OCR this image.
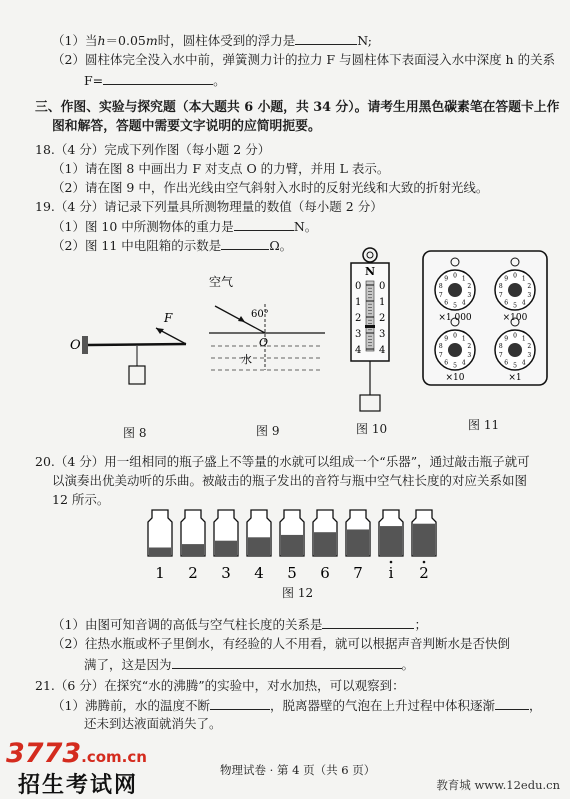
（1）当h＝0.05m时，圆柱体受到的浮力是	N;
（2）圆柱体完全没入水中前，弹簧测力计的拉力 F 与圆柱体下表面浸入水中深度 h 的关系
F=	。
三、作图、实验与探究题（本大题共 6 小题，共 34 分）。请考生用黑色碳素笔在答题卡上作
图和解答，答题中需要文字说明的应简明扼要。
18.（4 分）完成下列作图（每小题 2 分）
（1）请在图 8 中画出力 F 对支点 O 的力臂，并用 L 表示。
（2）请在图 9 中，作出光线由空气斜射入水时的反射光线和大致的折射光线。
19.（4 分）请记录下列量具所测物理量的数值（每小题 2 分）
（1）图 10 中所测物体的重力是	N。
（2）图 11 中电阻箱的示数是	Ω。
O
F
图 8
空气
60°
O
水
图 9
N
0 0
1 1
2 2
3 3
4 4
图 10
0 1
2
3
4
5
6
7
8
9
×1 000
0 1
2
3
4
5
6
7
8
9
×100
0 1
2
3
4
5
6
7
8
9
×10
0 1
2
3
4
5
6
7
8
9
×1
图 11
20.（4 分）用一组相同的瓶子盛上不等量的水就可以组成一个“乐器”，通过敲击瓶子就可
以演奏出优美动听的乐曲。被敲击的瓶子发出的音符与瓶中空气柱长度的对应关系如图
12 所示。
1 2 3 4 5 6 7 i 2
图 12
（1）由图可知音调的高低与空气柱长度的关系是	；
（2）往热水瓶或杯子里倒水，有经验的人不用看，就可以根据声音判断水是否快倒
满了，这是因为	。
21.（6 分）在探究“水的沸腾”的实验中，对水加热，可以观察到：
（1）沸腾前，水的温度不断	，脱离器壁的气泡在上升过程中体积逐渐	，
还未到达液面就消失了。
物理试卷 · 第 4 页（共 6 页）
3773.com.cn
招生考试网	教育城 www.12edu.cn
